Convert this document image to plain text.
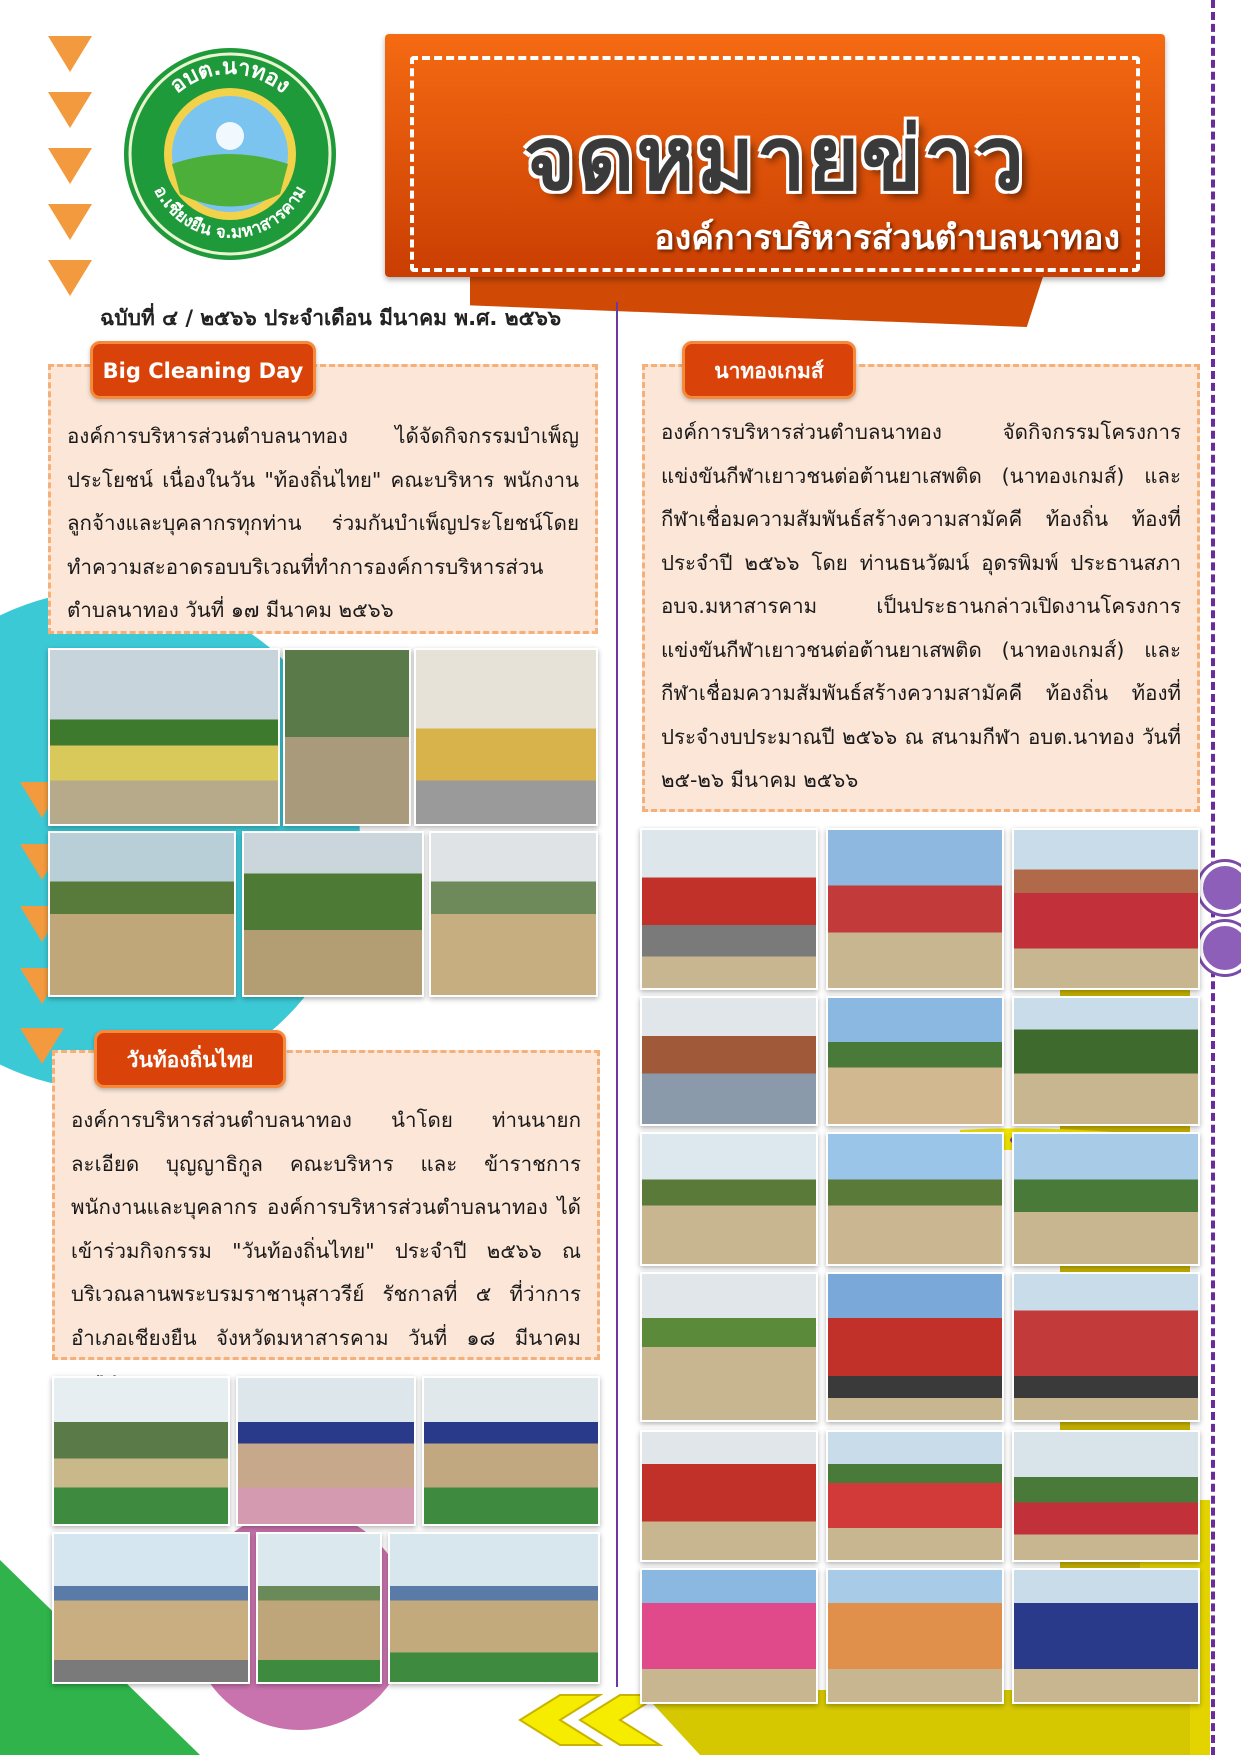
อบต.นาทอง
อ.เชียงยืน จ.มหาสารคาม	จดหมายข่าว
องค์การบริหารส่วนตำบลนาทอง
ฉบับที่ ๔ / ๒๕๖๖ ประจำเดือน มีนาคม พ.ศ. ๒๕๖๖
องค์การบริหารส่วนตำบลนาทอง ได้จัดกิจกรรมบำเพ็ญประโยชน์ เนื่องในวัน "ท้องถิ่นไทย" คณะบริหาร พนักงาน ลูกจ้างและบุคลากรทุกท่าน ร่วมกันบำเพ็ญประโยชน์โดยทำความสะอาดรอบบริเวณที่ทำการองค์การบริหารส่วนตำบลนาทอง วันที่ ๑๗ มีนาคม ๒๕๖๖
Big Cleaning Day
องค์การบริหารส่วนตำบลนาทอง นำโดย ท่านนายกละเอียด บุญญาธิกูล คณะบริหาร และ ข้าราชการ พนักงานและบุคลากร องค์การบริหารส่วนตำบลนาทอง ได้เข้าร่วมกิจกรรม "วันท้องถิ่นไทย" ประจำปี ๒๕๖๖ ณ บริเวณลานพระบรมราชานุสาวรีย์ รัชกาลที่ ๕ ที่ว่าการอำเภอเชียงยืน จังหวัดมหาสารคาม วันที่ ๑๘ มีนาคม
วันท้องถิ่นไทย
องค์การบริหารส่วนตำบลนาทอง จัดกิจกรรมโครงการแข่งขันกีฬาเยาวชนต่อต้านยาเสพติด (นาทองเกมส์) และกีฬาเชื่อมความสัมพันธ์สร้างความสามัคคี ท้องถิ่น ท้องที่ ประจำปี ๒๕๖๖ โดย ท่านธนวัฒน์ อุดรพิมพ์ ประธานสภา อบจ.มหาสารคาม เป็นประธานกล่าวเปิดงานโครงการแข่งขันกีฬาเยาวชนต่อต้านยาเสพติด (นาทองเกมส์) และกีฬาเชื่อมความสัมพันธ์สร้างความสามัคคี ท้องถิ่น ท้องที่ ประจำงบประมาณปี ๒๕๖๖ ณ สนามกีฬา อบต.นาทอง วันที่ ๒๕-๒๖ มีนาคม ๒๕๖๖
นาทองเกมส์
